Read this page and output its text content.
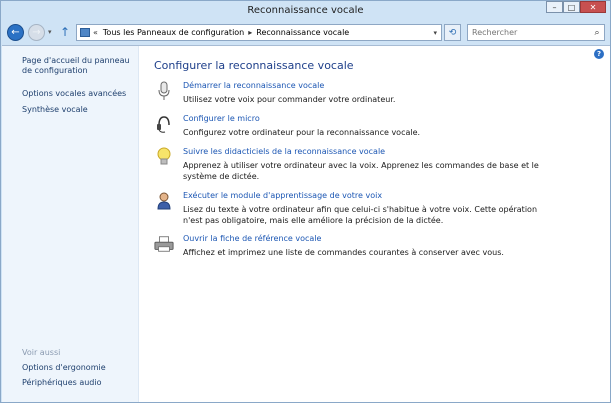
Reconnaissance vocale	–	□	✕
←	→	▾ ↑	« Tous les Panneaux de configuration ▸ Reconnaissance vocale	▾	⟲
Rechercher	⌕
Page d'accueil du panneau de configuration
Options vocales avancées
Synthèse vocale
Voir aussi
Options d'ergonomie
Périphériques audio
?
Configurer la reconnaissance vocale
Démarrer la reconnaissance vocale
Utilisez votre voix pour commander votre ordinateur.
Configurer le micro
Configurez votre ordinateur pour la reconnaissance vocale.
Suivre les didacticiels de la reconnaissance vocale
Apprenez à utiliser votre ordinateur avec la voix. Apprenez les commandes de base et le système de dictée.
Exécuter le module d'apprentissage de votre voix
Lisez du texte à votre ordinateur afin que celui-ci s'habitue à votre voix. Cette opération n'est pas obligatoire, mais elle améliore la précision de la dictée.
Ouvrir la fiche de référence vocale
Affichez et imprimez une liste de commandes courantes à conserver avec vous.
